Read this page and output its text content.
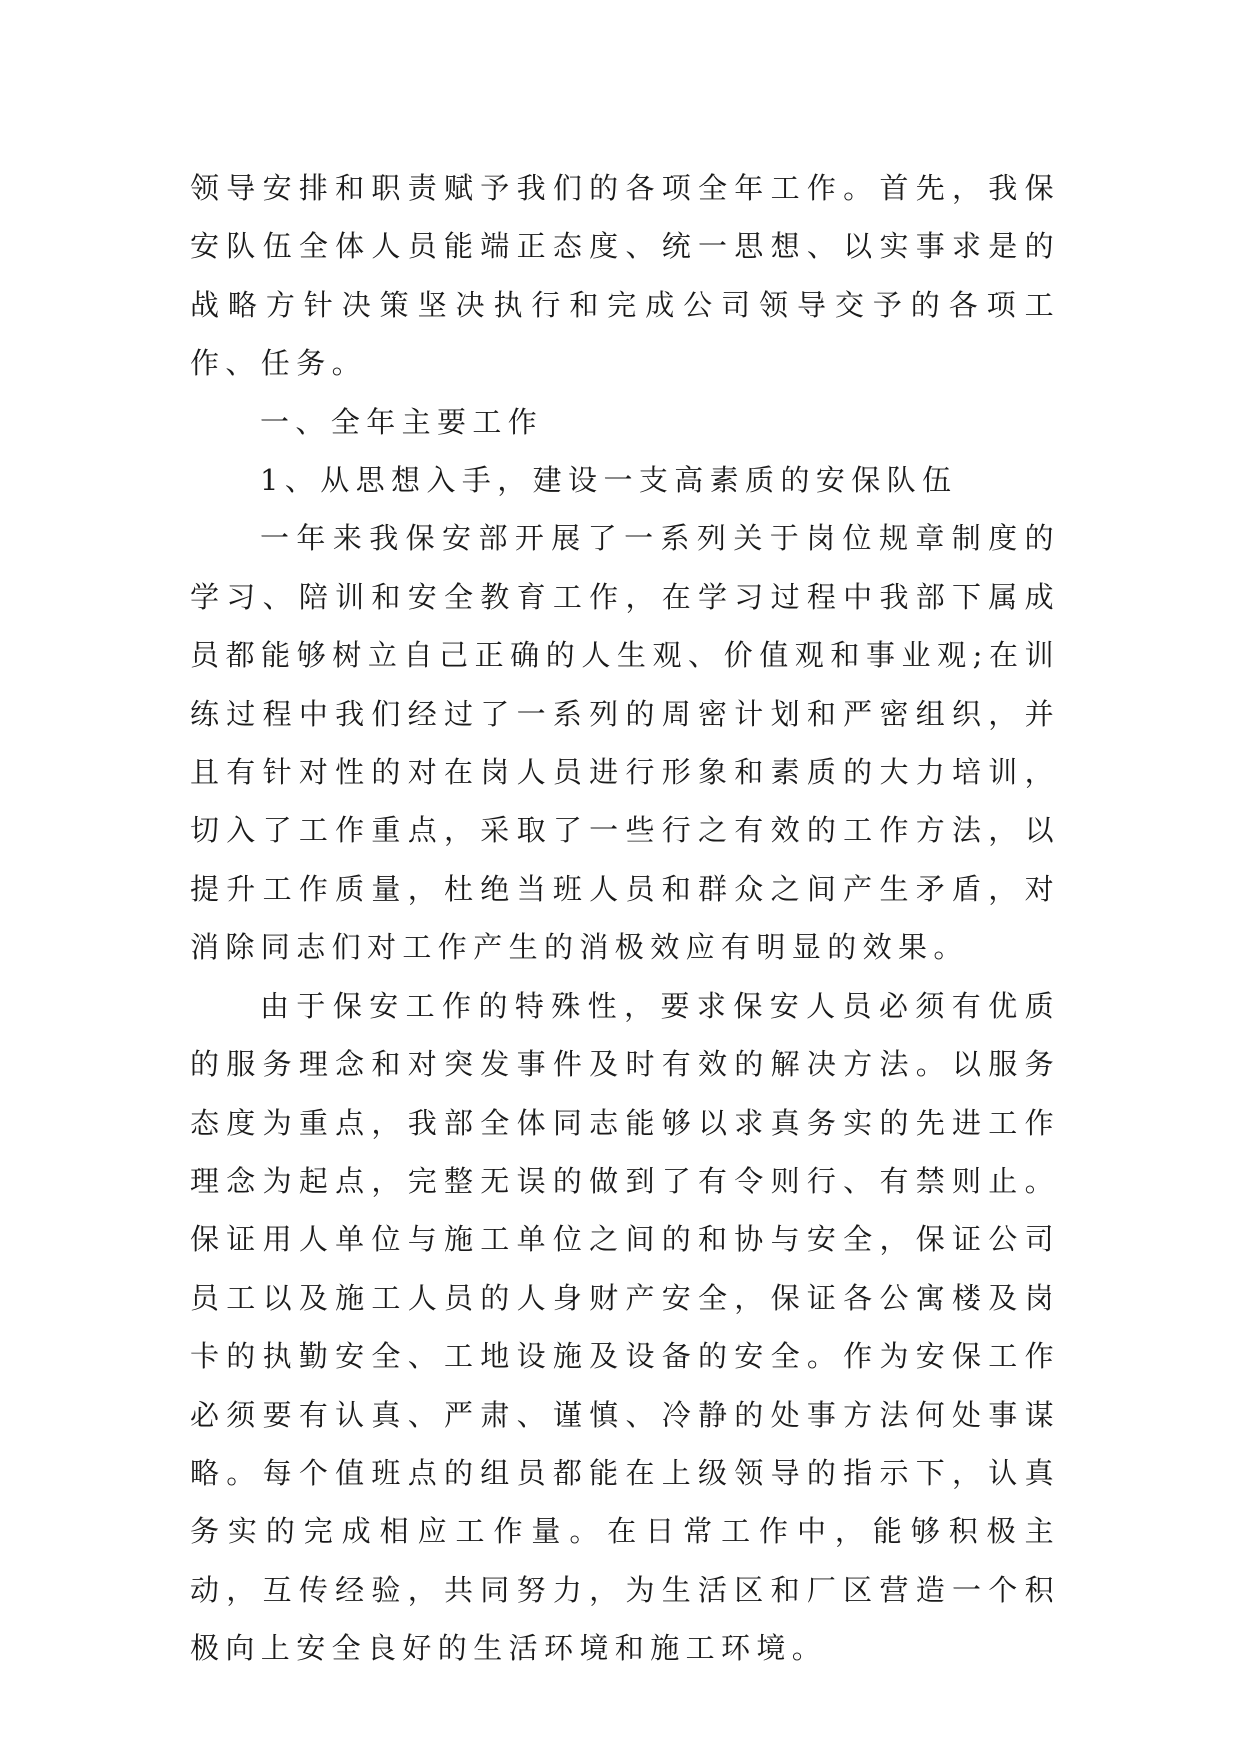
领导安排和职责赋予我们的各项全年工作。首先，我保安队伍全体人员能端正态度、统一思想、以实事求是的战略方针决策坚决执行和完成公司领导交予的各项工作、任务。

一、全年主要工作

1、从思想入手，建设一支高素质的安保队伍

一年来我保安部开展了一系列关于岗位规章制度的学习、陪训和安全教育工作，在学习过程中我部下属成员都能够树立自己正确的人生观、价值观和事业观;在训练过程中我们经过了一系列的周密计划和严密组织，并且有针对性的对在岗人员进行形象和素质的大力培训，切入了工作重点，采取了一些行之有效的工作方法，以提升工作质量，杜绝当班人员和群众之间产生矛盾，对消除同志们对工作产生的消极效应有明显的效果。

由于保安工作的特殊性，要求保安人员必须有优质的服务理念和对突发事件及时有效的解决方法。以服务态度为重点，我部全体同志能够以求真务实的先进工作理念为起点，完整无误的做到了有令则行、有禁则止。保证用人单位与施工单位之间的和协与安全，保证公司员工以及施工人员的人身财产安全，保证各公寓楼及岗卡的执勤安全、工地设施及设备的安全。作为安保工作必须要有认真、严肃、谨慎、冷静的处事方法何处事谋略。每个值班点的组员都能在上级领导的指示下，认真务实的完成相应工作量。在日常工作中，能够积极主动，互传经验，共同努力，为生活区和厂区营造一个积极向上安全良好的生活环境和施工环境。
